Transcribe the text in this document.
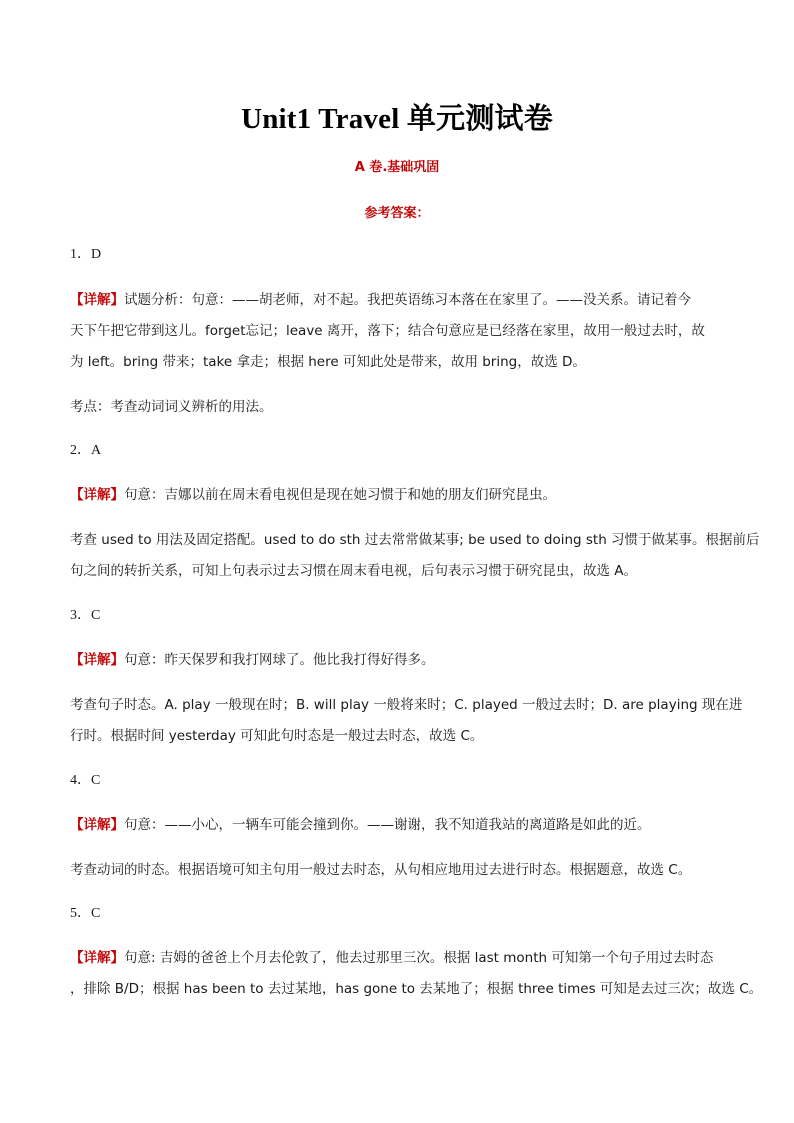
Unit1 Travel 单元测试卷
A 卷.基础巩固
参考答案：
1．D
【详解】试题分析：句意：——胡老师，对不起。我把英语练习本落在在家里了。——没关系。请记着今
天下午把它带到这儿。forget忘记；leave 离开，落下；结合句意应是已经落在家里，故用一般过去时，故
为 left。bring 带来；take 拿走；根据 here 可知此处是带来，故用 bring，故选 D。
考点：考查动词词义辨析的用法。
2．A
【详解】句意：吉娜以前在周末看电视但是现在她习惯于和她的朋友们研究昆虫。
考查 used to 用法及固定搭配。used to do sth 过去常常做某事; be used to doing sth 习惯于做某事。根据前后
句之间的转折关系，可知上句表示过去习惯在周末看电视，后句表示习惯于研究昆虫，故选 A。
3．C
【详解】句意：昨天保罗和我打网球了。他比我打得好得多。
考查句子时态。A. play 一般现在时；B. will play 一般将来时；C. played 一般过去时；D. are playing 现在进
行时。根据时间 yesterday 可知此句时态是一般过去时态，故选 C。
4．C
【详解】句意：——小心，一辆车可能会撞到你。——谢谢，我不知道我站的离道路是如此的近。
考查动词的时态。根据语境可知主句用一般过去时态，从句相应地用过去进行时态。根据题意，故选 C。
5．C
【详解】句意: 吉姆的爸爸上个月去伦敦了，他去过那里三次。根据 last month 可知第一个句子用过去时态
，排除 B/D；根据 has been to 去过某地，has gone to 去某地了；根据 three times 可知是去过三次；故选 C。
